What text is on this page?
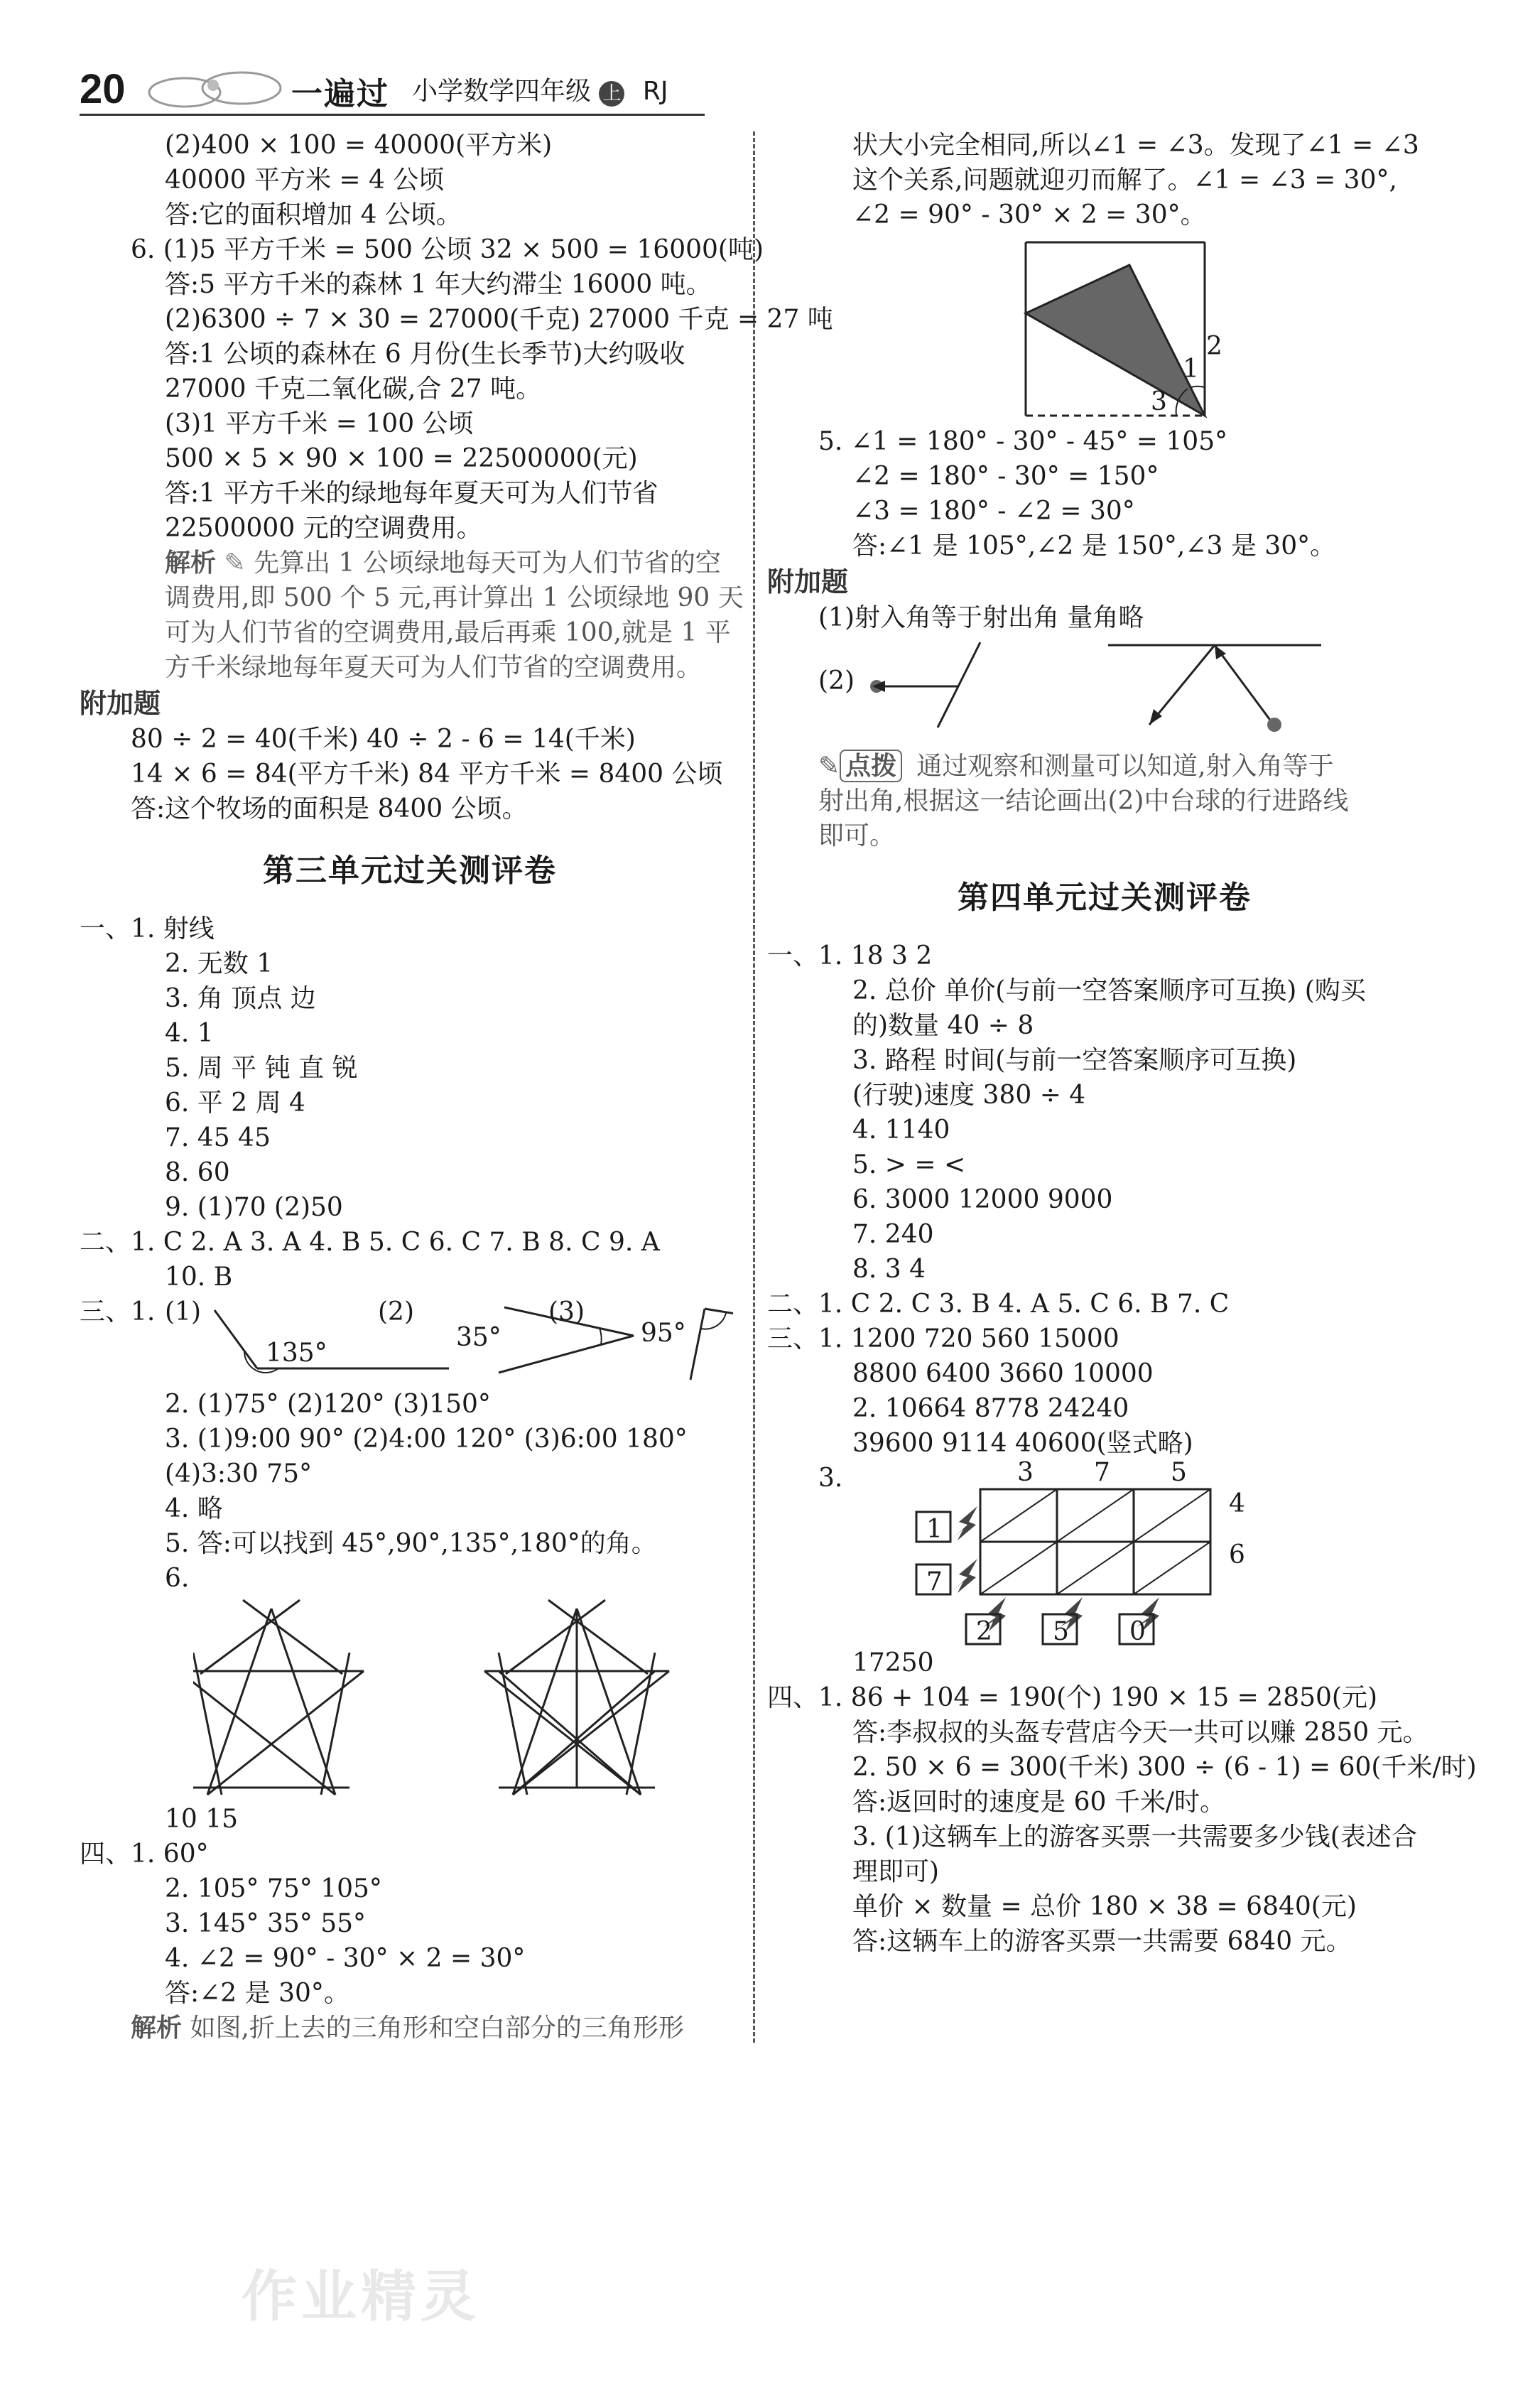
20	一遍过 小学数学四年级 上 RJ
(2)400 × 100 = 40000(平方米)
40000 平方米 = 4 公顷
答:它的面积增加 4 公顷。
6. (1)5 平方千米 = 500 公顷 32 × 500 = 16000(吨)
答:5 平方千米的森林 1 年大约滞尘 16000 吨。
(2)6300 ÷ 7 × 30 = 27000(千克) 27000 千克 = 27 吨
答:1 公顷的森林在 6 月份(生长季节)大约吸收
27000 千克二氧化碳,合 27 吨。
(3)1 平方千米 = 100 公顷
500 × 5 × 90 × 100 = 22500000(元)
答:1 平方千米的绿地每年夏天可为人们节省
22500000 元的空调费用。
解析 ✎ 先算出 1 公顷绿地每天可为人们节省的空
调费用,即 500 个 5 元,再计算出 1 公顷绿地 90 天
可为人们节省的空调费用,最后再乘 100,就是 1 平
方千米绿地每年夏天可为人们节省的空调费用。
附加题
80 ÷ 2 = 40(千米) 40 ÷ 2 - 6 = 14(千米)
14 × 6 = 84(平方千米) 84 平方千米 = 8400 公顷
答:这个牧场的面积是 8400 公顷。
第三单元过关测评卷
一、1. 射线
2. 无数 1
3. 角 顶点 边
4. 1
5. 周 平 钝 直 锐
6. 平 2 周 4
7. 45 45
8. 60
9. (1)70 (2)50
二、1. C 2. A 3. A 4. B 5. C 6. C 7. B 8. C 9. A
10. B
三、1. (1)
135°
(2)
35°
(3)
95°
2. (1)75° (2)120° (3)150°
3. (1)9:00 90° (2)4:00 120° (3)6:00 180°
(4)3:30 75°
4. 略
5. 答:可以找到 45°,90°,135°,180°的角。
6.
10 15
四、1. 60°
2. 105° 75° 105°
3. 145° 35° 55°
4. ∠2 = 90° - 30° × 2 = 30°
答:∠2 是 30°。
解析 如图,折上去的三角形和空白部分的三角形形
作业精灵
状大小完全相同,所以∠1 = ∠3。发现了∠1 = ∠3
这个关系,问题就迎刃而解了。∠1 = ∠3 = 30°,
∠2 = 90° - 30° × 2 = 30°。
1
2
3
5. ∠1 = 180° - 30° - 45° = 105°
∠2 = 180° - 30° = 150°
∠3 = 180° - ∠2 = 30°
答:∠1 是 105°,∠2 是 150°,∠3 是 30°。
附加题
(1)射入角等于射出角 量角略
(2)
✎ 点拨 通过观察和测量可以知道,射入角等于
射出角,根据这一结论画出(2)中台球的行进路线
即可。
第四单元过关测评卷
一、1. 18 3 2
2. 总价 单价(与前一空答案顺序可互换) (购买
的)数量 40 ÷ 8
3. 路程 时间(与前一空答案顺序可互换)
(行驶)速度 380 ÷ 4
4. 1140
5. > = <
6. 3000 12000 9000
7. 240
8. 3 4
二、1. C 2. C 3. B 4. A 5. C 6. B 7. C
三、1. 1200 720 560 15000
8800 6400 3660 10000
2. 10664 8778 24240
39600 9114 40600(竖式略)
3.	3 7 5
4
6
1
7
2 5 0
17250
四、1. 86 + 104 = 190(个) 190 × 15 = 2850(元)
答:李叔叔的头盔专营店今天一共可以赚 2850 元。
2. 50 × 6 = 300(千米) 300 ÷ (6 - 1) = 60(千米/时)
答:返回时的速度是 60 千米/时。
3. (1)这辆车上的游客买票一共需要多少钱(表述合
理即可)
单价 × 数量 = 总价 180 × 38 = 6840(元)
答:这辆车上的游客买票一共需要 6840 元。
